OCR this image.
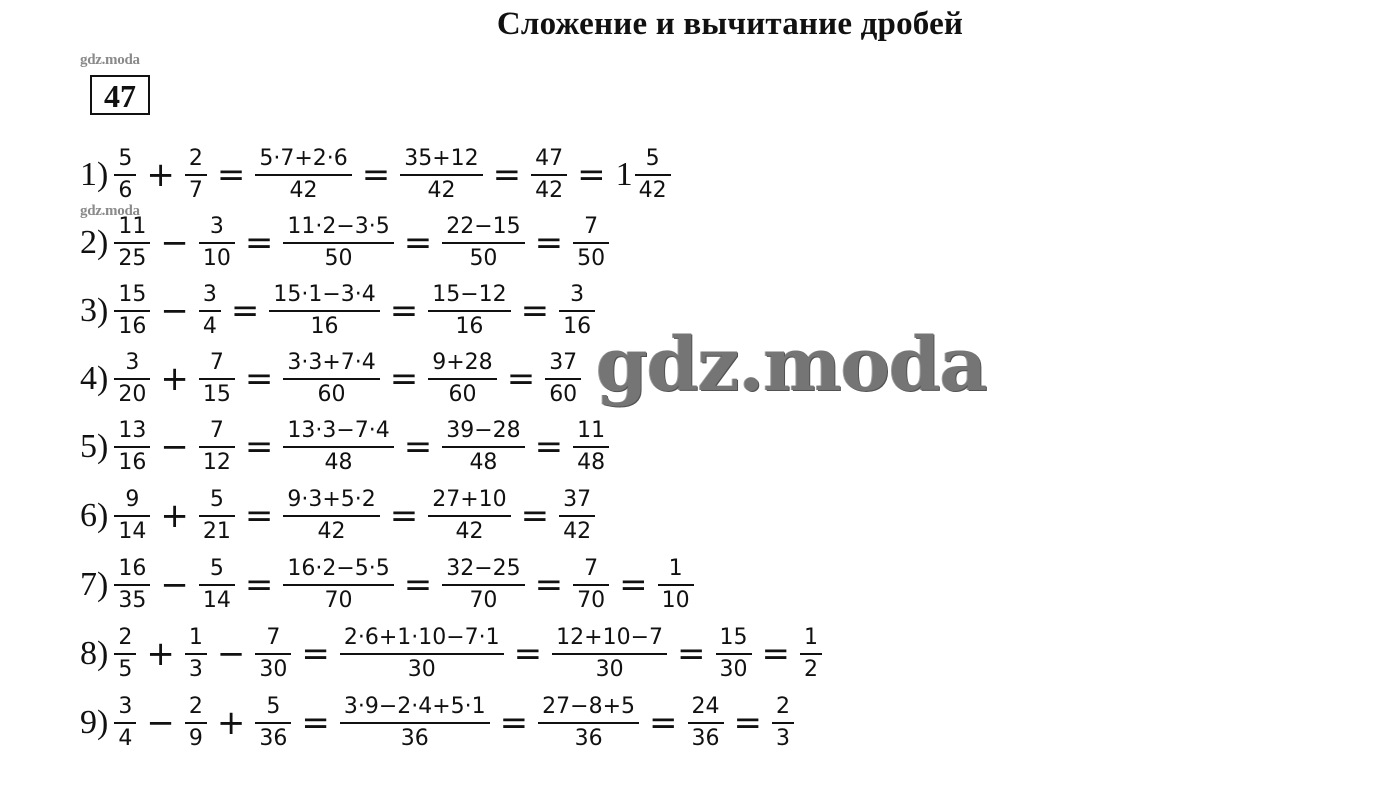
Сложение и вычитание дробей
gdz.moda
47
gdz.moda
$1) \frac{5}{6} + \frac{2}{7} = \frac{5\cdot 7+2\cdot 6}{42} = \frac{35+12}{42} = \frac{47}{42} = 1 \frac{5}{42}$
$2) \frac{11}{25} - \frac{3}{10} = \frac{11\cdot 2-3\cdot 5}{50} = \frac{22-15}{50} = \frac{7}{50}$
$3) \frac{15}{16} - \frac{3}{4} = \frac{15\cdot 1-3\cdot 4}{16} = \frac{15-12}{16} = \frac{3}{16}$
$4) \frac{3}{20} + \frac{7}{15} = \frac{3\cdot 3+7\cdot 4}{60} = \frac{9+28}{60} = \frac{37}{60}$
$5) \frac{13}{16} - \frac{7}{12} = \frac{13\cdot 3-7\cdot 4}{48} = \frac{39-28}{48} = \frac{11}{48}$
$6) \frac{9}{14} + \frac{5}{21} = \frac{9\cdot 3+5\cdot 2}{42} = \frac{27+10}{42} = \frac{37}{42}$
$7) \frac{16}{35} - \frac{5}{14} = \frac{16\cdot 2-5\cdot 5}{70} = \frac{32-25}{70} = \frac{7}{70} = \frac{1}{10}$
$8) \frac{2}{5} + \frac{1}{3} - \frac{7}{30} = \frac{2\cdot 6+1\cdot 10-7\cdot 1}{30} = \frac{12+10-7}{30} = \frac{15}{30} = \frac{1}{2}$
$9) \frac{3}{4} - \frac{2}{9} + \frac{5}{36} = \frac{3\cdot 9-2\cdot 4+5\cdot 1}{36} = \frac{27-8+5}{36} = \frac{24}{36} = \frac{2}{3}$
gdz.moda
